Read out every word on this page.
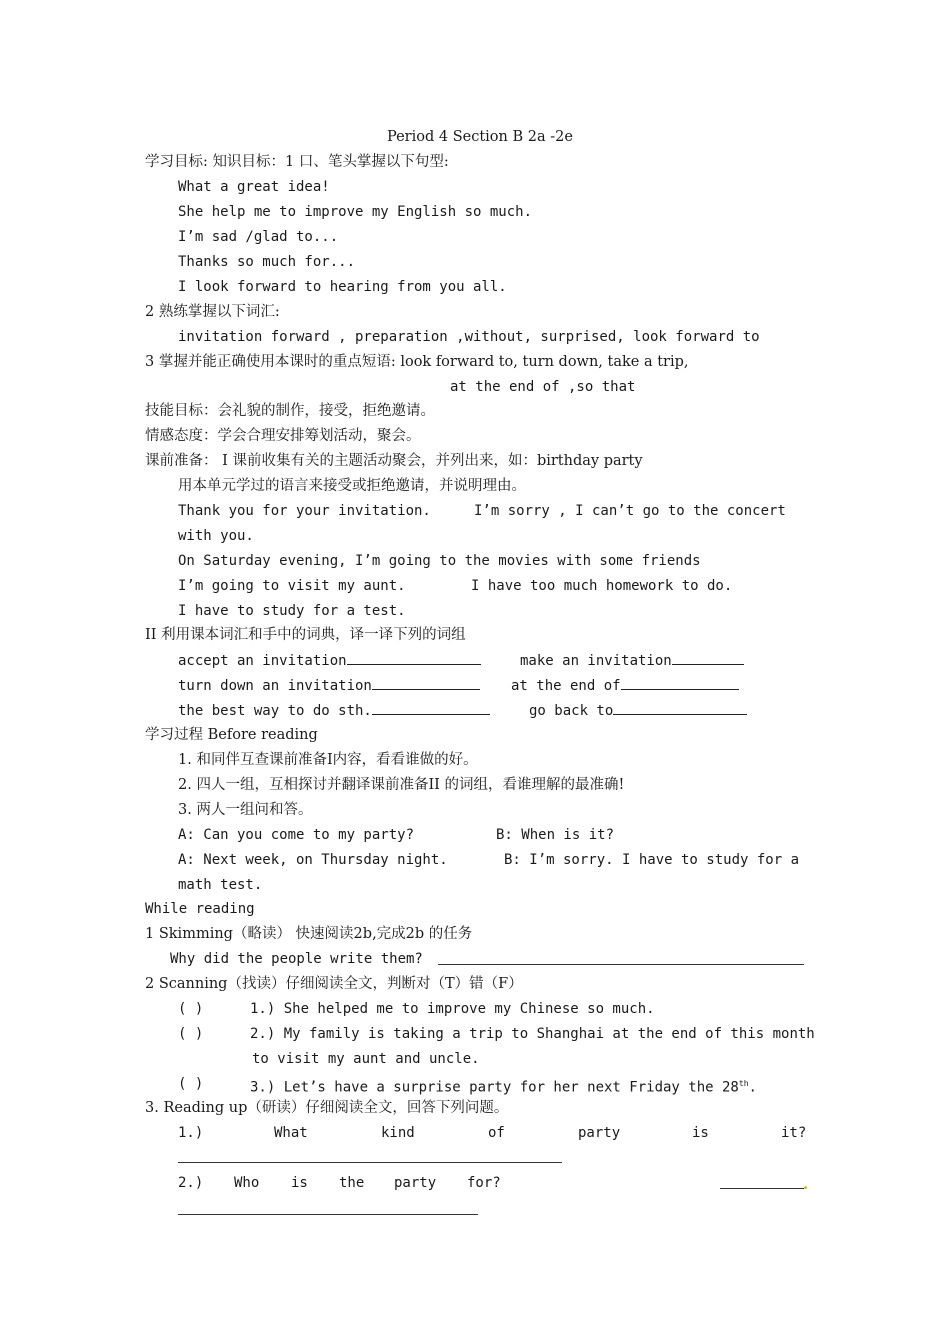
Period 4 Section B 2a -2e
学习目标: 知识目标：1 口、笔头掌握以下句型:
What a great idea!
She help me to improve my English so much.
I’m sad /glad to...
Thanks so much for...
I look forward to hearing from you all.
2 熟练掌握以下词汇:
invitation forward , preparation ,without, surprised, look forward to
3 掌握并能正确使用本课时的重点短语: look forward to, turn down, take a trip,
at the end of ,so that
技能目标：会礼貌的制作，接受，拒绝邀请。
情感态度：学会合理安排筹划活动，聚会。
课前准备： I 课前收集有关的主题活动聚会，并列出来，如：birthday party
用本单元学过的语言来接受或拒绝邀请，并说明理由。
Thank you for your invitation.	I’m sorry , I can’t go to the concert
with you.
On Saturday evening, I’m going to the movies with some friends
I’m going to visit my aunt.	I have too much homework to do.
I have to study for a test.
II 利用课本词汇和手中的词典，译一译下列的词组
accept an invitation	make an invitation
turn down an invitation	at the end of
the best way to do sth.	go back to
学习过程 Before reading
1. 和同伴互查课前准备I内容，看看谁做的好。
2. 四人一组，互相探讨并翻译课前准备II 的词组，看谁理解的最准确!
3. 两人一组问和答。
A: Can you come to my party?	B: When is it?
A: Next week, on Thursday night.	B: I’m sorry. I have to study for a
math test.
While reading
1 Skimming（略读） 快速阅读2b,完成2b 的任务
Why did the people write them?
2 Scanning（找读）仔细阅读全文，判断对（T）错（F）
( )	1.) She helped me to improve my Chinese so much.
( )	2.) My family is taking a trip to Shanghai at the end of this month
to visit my aunt and uncle.
( )	3.) Let’s have a surprise party for her next Friday the 28th.
3. Reading up（研读）仔细阅读全文，回答下列问题。
1.)	What	kind	of	party	is	it?
2.) Who is the party for?	.
